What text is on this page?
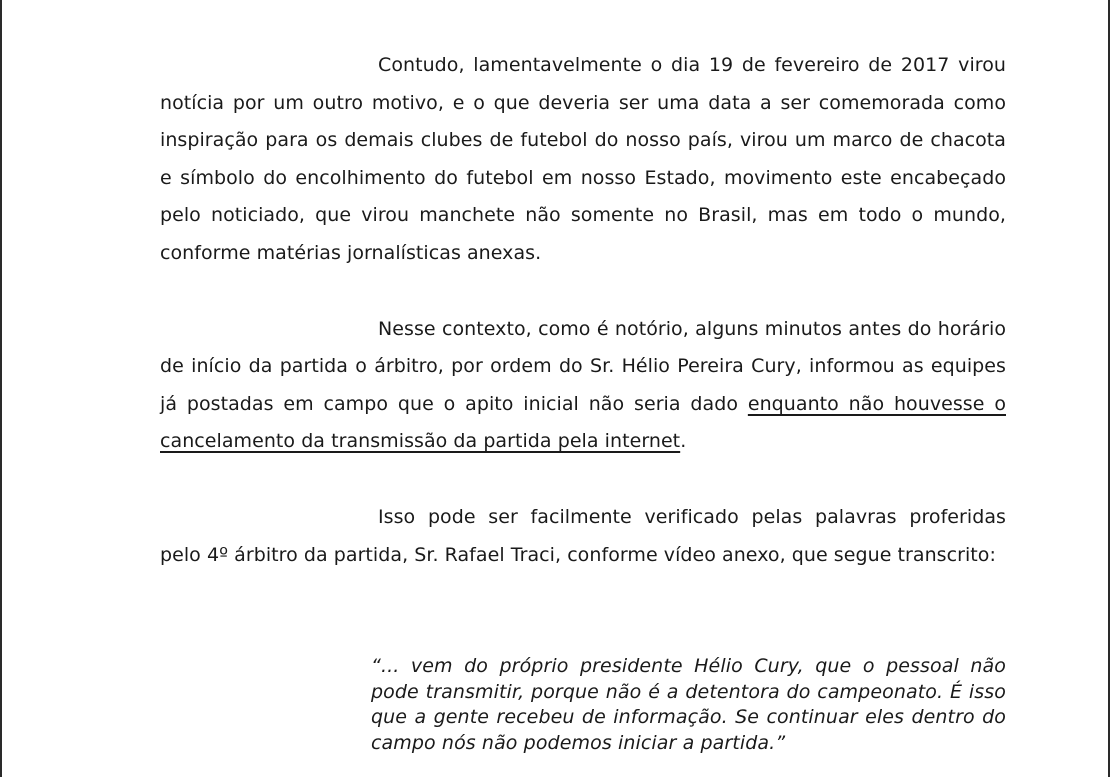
Contudo, lamentavelmente o dia 19 de fevereiro de 2017 virou notícia por um outro motivo, e o que deveria ser uma data a ser comemorada como inspiração para os demais clubes de futebol do nosso país, virou um marco de chacota e símbolo do encolhimento do futebol em nosso Estado, movimento este encabeçado pelo noticiado, que virou manchete não somente no Brasil, mas em todo o mundo, conforme matérias jornalísticas anexas.

Nesse contexto, como é notório, alguns minutos antes do horário de início da partida o árbitro, por ordem do Sr. Hélio Pereira Cury, informou as equipes já postadas em campo que o apito inicial não seria dado enquanto não houvesse o cancelamento da transmissão da partida pela internet.

Isso pode ser facilmente verificado pelas palavras proferidas pelo 4º árbitro da partida, Sr. Rafael Traci, conforme vídeo anexo, que segue transcrito:

“... vem do próprio presidente Hélio Cury, que o pessoal não pode transmitir, porque não é a detentora do campeonato. É isso que a gente recebeu de informação. Se continuar eles dentro do campo nós não podemos iniciar a partida.”
